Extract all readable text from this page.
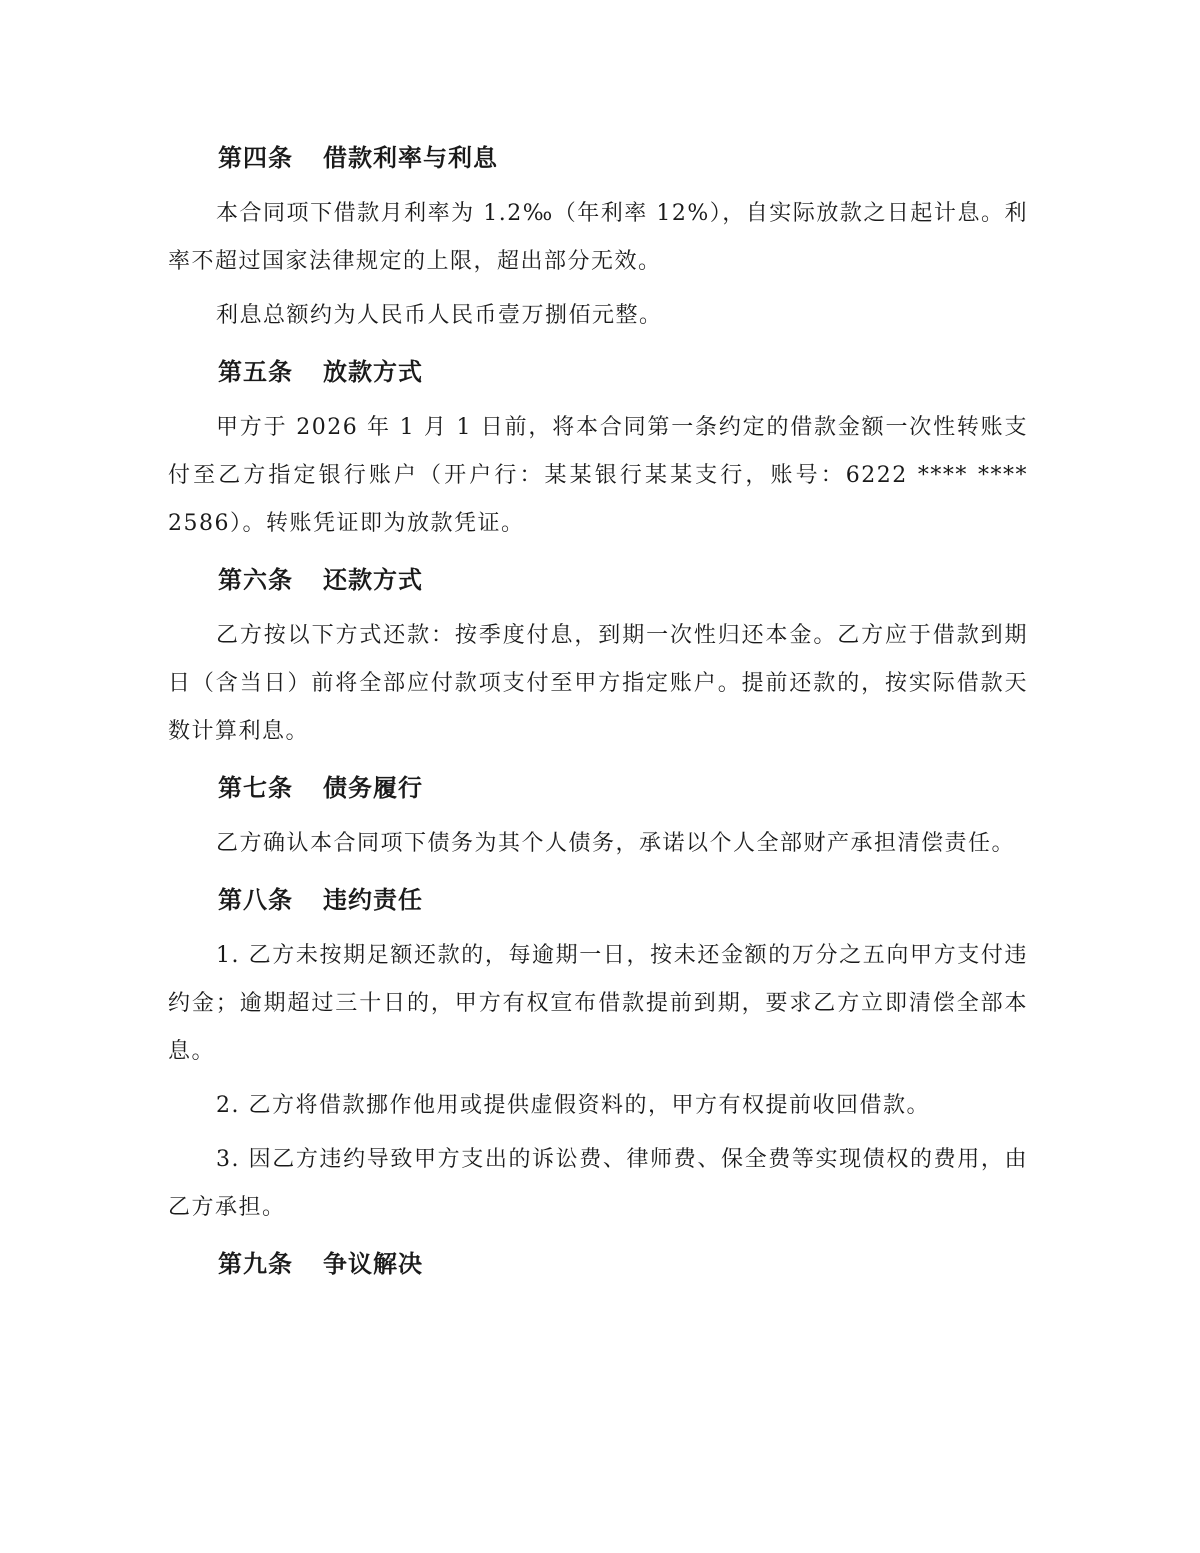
第四条 借款利率与利息

本合同项下借款月利率为 1.2‰（年利率 12%），自实际放款之日起计息。利率不超过国家法律规定的上限，超出部分无效。

利息总额约为人民币人民币壹万捌佰元整。

第五条 放款方式

甲方于 2026 年 1 月 1 日前，将本合同第一条约定的借款金额一次性转账支付至乙方指定银行账户（开户行：某某银行某某支行，账号：6222 **** **** 2586）。转账凭证即为放款凭证。

第六条 还款方式

乙方按以下方式还款：按季度付息，到期一次性归还本金。乙方应于借款到期日（含当日）前将全部应付款项支付至甲方指定账户。提前还款的，按实际借款天数计算利息。

第七条 债务履行

乙方确认本合同项下债务为其个人债务，承诺以个人全部财产承担清偿责任。

第八条 违约责任

1. 乙方未按期足额还款的，每逾期一日，按未还金额的万分之五向甲方支付违约金；逾期超过三十日的，甲方有权宣布借款提前到期，要求乙方立即清偿全部本息。

2. 乙方将借款挪作他用或提供虚假资料的，甲方有权提前收回借款。

3. 因乙方违约导致甲方支出的诉讼费、律师费、保全费等实现债权的费用，由乙方承担。

第九条 争议解决
